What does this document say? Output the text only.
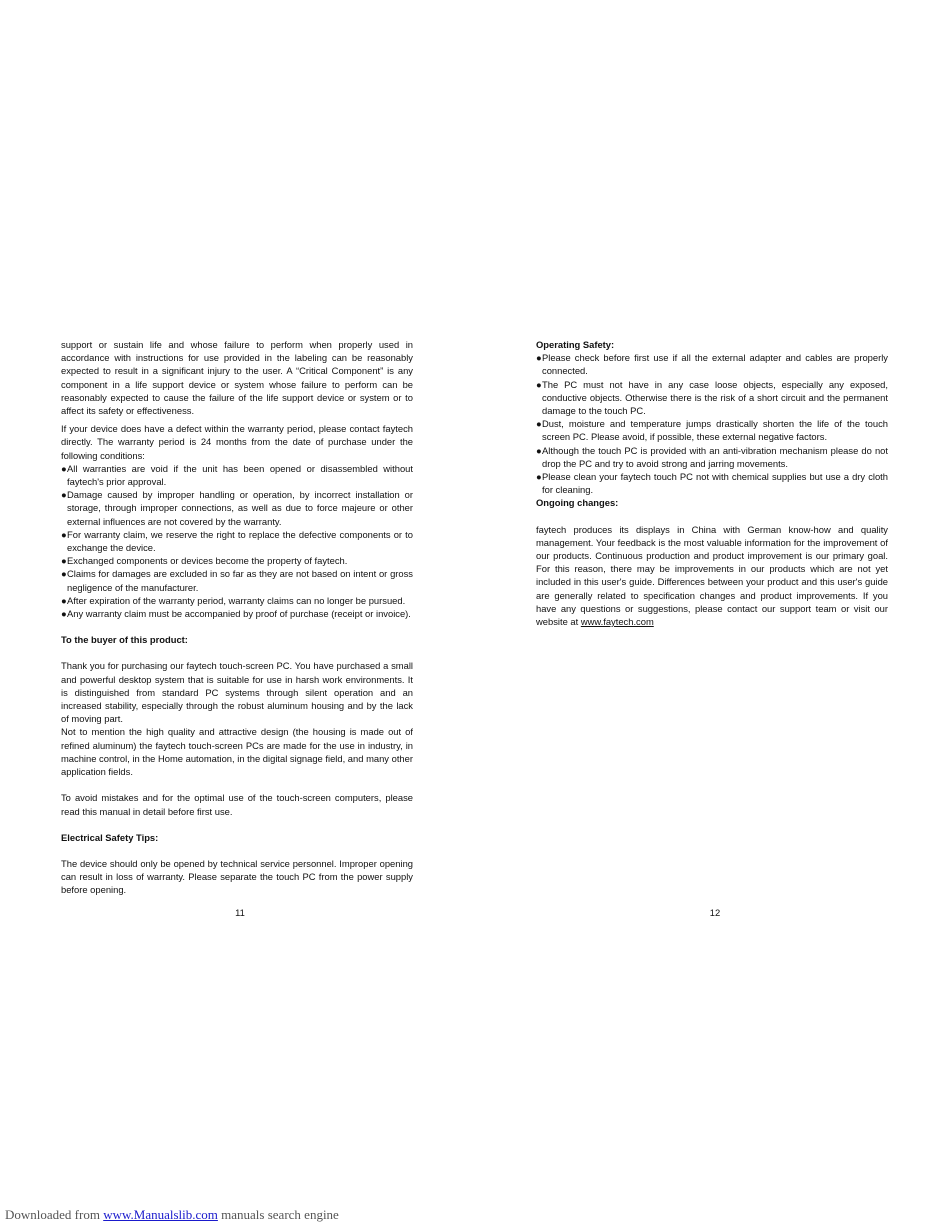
support or sustain life and whose failure to perform when properly used in accordance with instructions for use provided in the labeling can be reasonably expected to result in a significant injury to the user. A “Critical Component” is any component in a life support device or system whose failure to perform can be reasonably expected to cause the failure of the life support device or system or to affect its safety or effectiveness.

If your device does have a defect within the warranty period, please contact faytech directly. The warranty period is 24 months from the date of purchase under the following conditions:

● All warranties are void if the unit has been opened or disassembled without faytech's prior approval.
● Damage caused by improper handling or operation, by incorrect installation or storage, through improper connections, as well as due to force majeure or other external influences are not covered by the warranty.
● For warranty claim, we reserve the right to replace the defective components or to exchange the device.
● Exchanged components or devices become the property of faytech.
● Claims for damages are excluded in so far as they are not based on intent or gross negligence of the manufacturer.
● After expiration of the warranty period, warranty claims can no longer be pursued.
● Any warranty claim must be accompanied by proof of purchase (receipt or invoice).

To the buyer of this product:

Thank you for purchasing our faytech touch-screen PC. You have purchased a small and powerful desktop system that is suitable for use in harsh work environments. It is distinguished from standard PC systems through silent operation and an increased stability, especially through the robust aluminum housing and by the lack of moving part.

Not to mention the high quality and attractive design (the housing is made out of refined aluminum) the faytech touch-screen PCs are made for the use in industry, in machine control, in the Home automation, in the digital signage field, and many other application fields.

To avoid mistakes and for the optimal use of the touch-screen computers, please read this manual in detail before first use.

Electrical Safety Tips:

The device should only be opened by technical service personnel. Improper opening can result in loss of warranty. Please separate the touch PC from the power supply before opening.

11

Operating Safety:

● Please check before first use if all the external adapter and cables are properly connected.
● The PC must not have in any case loose objects, especially any exposed, conductive objects. Otherwise there is the risk of a short circuit and the permanent damage to the touch PC.
● Dust, moisture and temperature jumps drastically shorten the life of the touch screen PC. Please avoid, if possible, these external negative factors.
● Although the touch PC is provided with an anti-vibration mechanism please do not drop the PC and try to avoid strong and jarring movements.
● Please clean your faytech touch PC not with chemical supplies but use a dry cloth for cleaning.

Ongoing changes:

faytech produces its displays in China with German know-how and quality management. Your feedback is the most valuable information for the improvement of our products. Continuous production and product improvement is our primary goal. For this reason, there may be improvements in our products which are not yet included in this user's guide. Differences between your product and this user's guide are generally related to specification changes and product improvements. If you have any questions or suggestions, please contact our support team or visit our website at www.faytech.com

12
Downloaded from www.Manualslib.com manuals search engine
